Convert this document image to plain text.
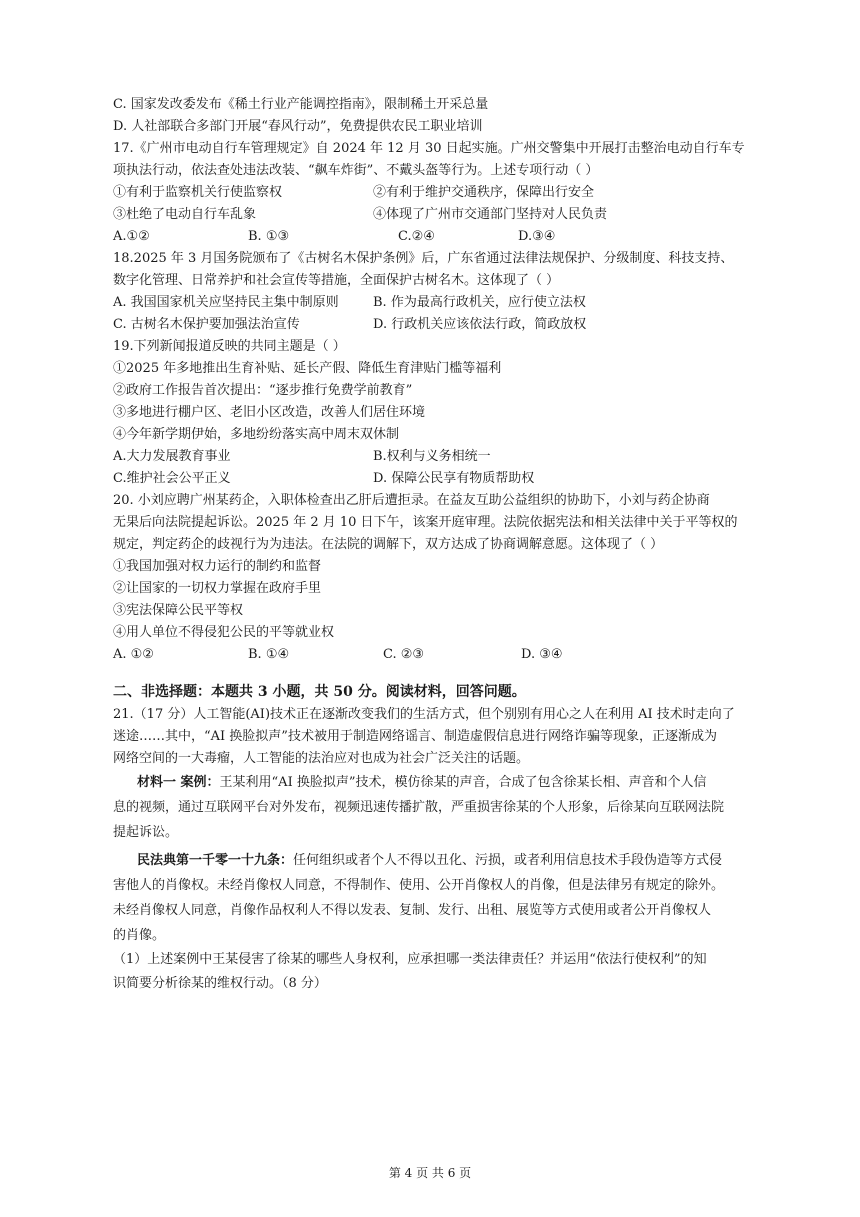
C. 国家发改委发布《稀土行业产能调控指南》，限制稀土开采总量
D. 人社部联合多部门开展“春风行动”，免费提供农民工职业培训
17.《广州市电动自行车管理规定》自 2024 年 12 月 30 日起实施。广州交警集中开展打击整治电动自行车专
项执法行动，依法查处违法改装、“飙车炸街”、不戴头盔等行为。上述专项行动（ ）
①有利于监察机关行使监察权	②有利于维护交通秩序，保障出行安全
③杜绝了电动自行车乱象	④体现了广州市交通部门坚持对人民负责
A.①②	B. ①③	C.②④	D.③④
18.2025 年 3 月国务院颁布了《古树名木保护条例》后，广东省通过法律法规保护、分级制度、科技支持、
数字化管理、日常养护和社会宣传等措施，全面保护古树名木。这体现了（ ）
A. 我国国家机关应坚持民主集中制原则	B. 作为最高行政机关，应行使立法权
C. 古树名木保护要加强法治宣传	D. 行政机关应该依法行政，简政放权
19.下列新闻报道反映的共同主题是（ ）
①2025 年多地推出生育补贴、延长产假、降低生育津贴门槛等福利
②政府工作报告首次提出：“逐步推行免费学前教育”
③多地进行棚户区、老旧小区改造，改善人们居住环境
④今年新学期伊始，多地纷纷落实高中周末双休制
A.大力发展教育事业	B.权利与义务相统一
C.维护社会公平正义	D. 保障公民享有物质帮助权
20. 小刘应聘广州某药企，入职体检查出乙肝后遭拒录。在益友互助公益组织的协助下，小刘与药企协商
无果后向法院提起诉讼。2025 年 2 月 10 日下午，该案开庭审理。法院依据宪法和相关法律中关于平等权的
规定，判定药企的歧视行为为违法。在法院的调解下，双方达成了协商调解意愿。这体现了（ ）
①我国加强对权力运行的制约和监督
②让国家的一切权力掌握在政府手里
③宪法保障公民平等权
④用人单位不得侵犯公民的平等就业权
A. ①②	B. ①④	C. ②③	D. ③④
二、非选择题：本题共 3 小题，共 50 分。阅读材料，回答问题。
21.（17 分）人工智能(AI)技术正在逐渐改变我们的生活方式，但个别别有用心之人在利用 AI 技术时走向了
迷途……其中，“AI 换脸拟声”技术被用于制造网络谣言、制造虚假信息进行网络诈骗等现象，正逐渐成为
网络空间的一大毒瘤，人工智能的法治应对也成为社会广泛关注的话题。
材料一 案例：王某利用“AI 换脸拟声”技术，模仿徐某的声音，合成了包含徐某长相、声音和个人信
息的视频，通过互联网平台对外发布，视频迅速传播扩散，严重损害徐某的个人形象，后徐某向互联网法院
提起诉讼。
民法典第一千零一十九条：任何组织或者个人不得以丑化、污损，或者利用信息技术手段伪造等方式侵
害他人的肖像权。未经肖像权人同意，不得制作、使用、公开肖像权人的肖像，但是法律另有规定的除外。
未经肖像权人同意，肖像作品权利人不得以发表、复制、发行、出租、展览等方式使用或者公开肖像权人
的肖像。
（1）上述案例中王某侵害了徐某的哪些人身权利，应承担哪一类法律责任？并运用“依法行使权利”的知
识简要分析徐某的维权行动。（8 分）
第 4 页 共 6 页
